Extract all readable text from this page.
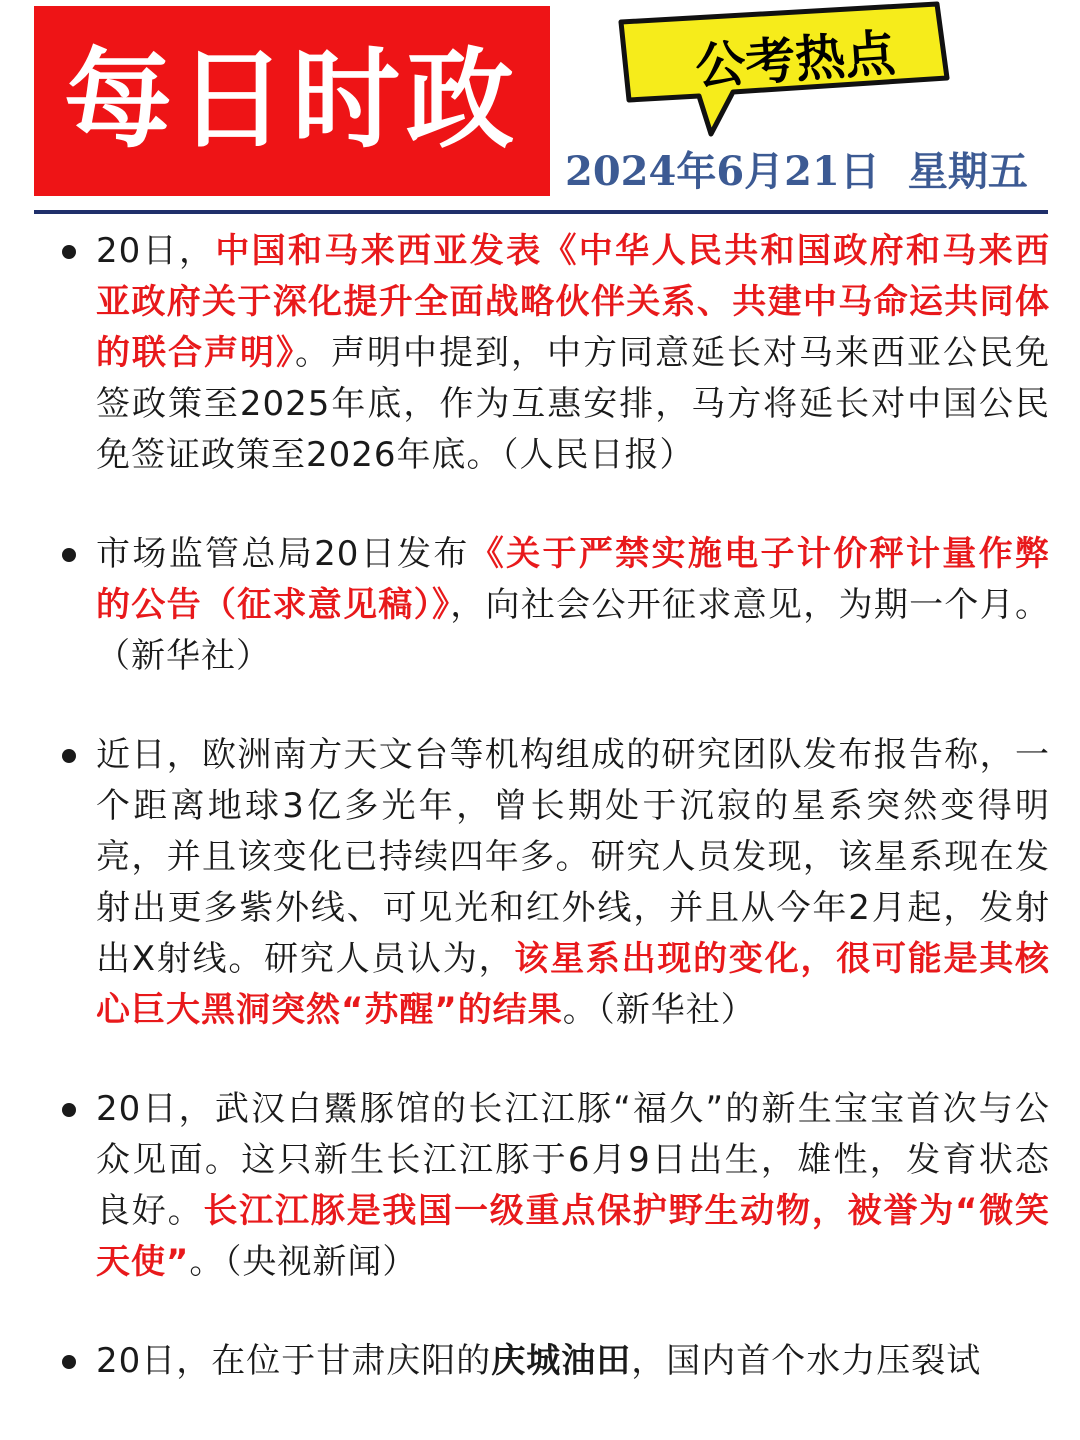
每日时政	公考热点
2024年6月21日 星期五
20日，中国和马来西亚发表《中华人民共和国政府和马来西亚政府关于深化提升全面战略伙伴关系、共建中马命运共同体的联合声明》。声明中提到，中方同意延长对马来西亚公民免签政策至2025年底，作为互惠安排，马方将延长对中国公民免签证政策至2026年底。（人民日报）
市场监管总局20日发布《关于严禁实施电子计价秤计量作弊的公告（征求意见稿）》，向社会公开征求意见，为期一个月。（新华社）
近日，欧洲南方天文台等机构组成的研究团队发布报告称，一个距离地球3亿多光年，曾长期处于沉寂的星系突然变得明亮，并且该变化已持续四年多。研究人员发现，该星系现在发射出更多紫外线、可见光和红外线，并且从今年2月起，发射出X射线。研究人员认为，该星系出现的变化，很可能是其核心巨大黑洞突然“苏醒”的结果。（新华社）
20日，武汉白鱀豚馆的长江江豚“福久”的新生宝宝首次与公众见面。这只新生长江江豚于6月9日出生，雄性，发育状态良好。长江江豚是我国一级重点保护野生动物，被誉为“微笑天使”。（央视新闻）
20日，在位于甘肃庆阳的庆城油田，国内首个水力压裂试
